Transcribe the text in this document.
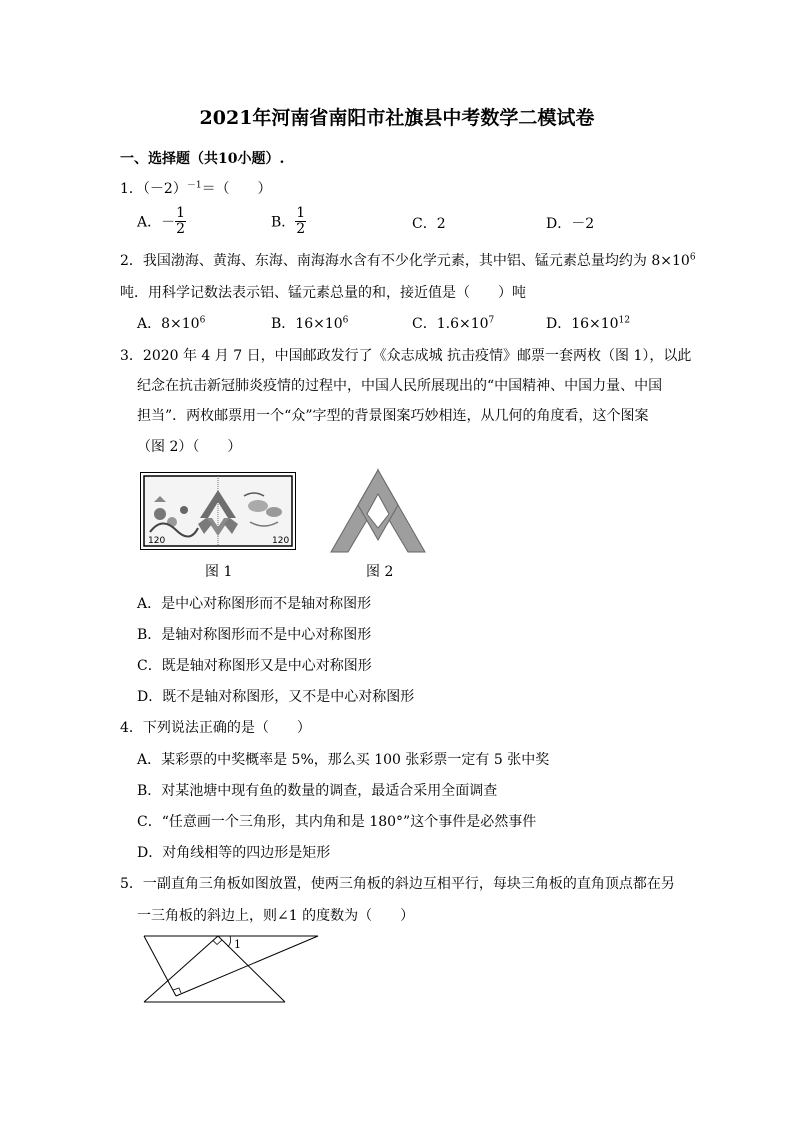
2021年河南省南阳市社旗县中考数学二模试卷
一、选择题（共10小题）.
1．$(-2)^{-1}=$（　　）
A．－ $\frac{1}{2}$	B． $\frac{1}{2}$	C．2	D．－2
2．我国渤海、黄海、东海、南海海水含有不少化学元素，其中铝、锰元素总量均约为 $8\times 10^6$
吨．用科学记数法表示铝、锰元素总量的和，接近值是（　　）吨
A．$8\times 10^6$	B．$16\times 10^6$	C．$1.6\times 10^7$	D．$16\times 10^{12}$
3．2020 年 4 月 7 日，中国邮政发行了《众志成城 抗击疫情》邮票一套两枚（图 1），以此
纪念在抗击新冠肺炎疫情的过程中，中国人民所展现出的“中国精神、中国力量、中国
担当”．两枚邮票用一个“众”字型的背景图案巧妙相连，从几何的角度看，这个图案
（图 2）（　　）
120	120
图 1	图 2
A．是中心对称图形而不是轴对称图形
B．是轴对称图形而不是中心对称图形
C．既是轴对称图形又是中心对称图形
D．既不是轴对称图形，又不是中心对称图形
4．下列说法正确的是（　　）
A．某彩票的中奖概率是 5%，那么买 100 张彩票一定有 5 张中奖
B．对某池塘中现有鱼的数量的调查，最适合采用全面调查
C．“任意画一个三角形，其内角和是 180°”这个事件是必然事件
D．对角线相等的四边形是矩形
5．一副直角三角板如图放置，使两三角板的斜边互相平行，每块三角板的直角顶点都在另
一三角板的斜边上，则∠1 的度数为（　　）
1
